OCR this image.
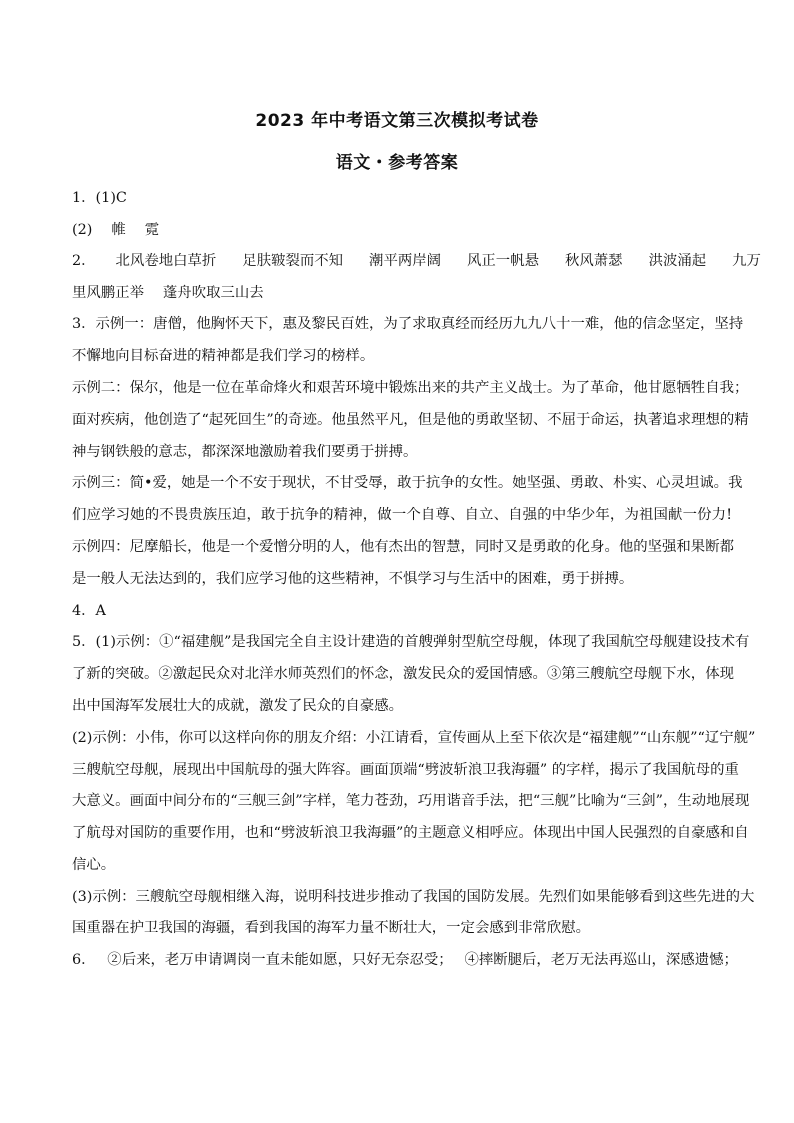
2023 年中考语文第三次模拟考试卷
语文・参考答案
1．(1)C
(2)　 帷　 霓
2． 北风卷地白草折 足肤皲裂而不知 潮平两岸阔 风正一帆悬 秋风萧瑟 洪波涌起 九万
里风鹏正举　 蓬舟吹取三山去
3．示例一：唐僧，他胸怀天下，惠及黎民百姓，为了求取真经而经历九九八十一难，他的信念坚定，坚持
不懈地向目标奋进的精神都是我们学习的榜样。
示例二：保尔，他是一位在革命烽火和艰苦环境中锻炼出来的共产主义战士。为了革命，他甘愿牺牲自我；
面对疾病，他创造了“起死回生”的奇迹。他虽然平凡，但是他的勇敢坚韧、不屈于命运，执著追求理想的精
神与钢铁般的意志，都深深地激励着我们要勇于拼搏。
示例三：简•爱，她是一个不安于现状，不甘受辱，敢于抗争的女性。她坚强、勇敢、朴实、心灵坦诚。我
们应学习她的不畏贵族压迫，敢于抗争的精神，做一个自尊、自立、自强的中华少年，为祖国献一份力!
示例四：尼摩船长，他是一个爱憎分明的人，他有杰出的智慧，同时又是勇敢的化身。他的坚强和果断都
是一般人无法达到的，我们应学习他的这些精神，不惧学习与生活中的困难，勇于拼搏。
4．A
5．(1)示例：①“福建舰”是我国完全自主设计建造的首艘弹射型航空母舰，体现了我国航空母舰建设技术有
了新的突破。②激起民众对北洋水师英烈们的怀念，激发民众的爱国情感。③第三艘航空母舰下水，体现
出中国海军发展壮大的成就，激发了民众的自豪感。
(2)示例：小伟，你可以这样向你的朋友介绍：小江请看，宣传画从上至下依次是“福建舰”“山东舰”“辽宁舰”
三艘航空母舰，展现出中国航母的强大阵容。画面顶端“劈波斩浪卫我海疆” 的字样，揭示了我国航母的重
大意义。画面中间分布的“三舰三剑”字样，笔力苍劲，巧用谐音手法，把“三舰”比喻为“三剑”，生动地展现
了航母对国防的重要作用，也和“劈波斩浪卫我海疆”的主题意义相呼应。体现出中国人民强烈的自豪感和自
信心。
(3)示例：三艘航空母舰相继入海，说明科技进步推动了我国的国防发展。先烈们如果能够看到这些先进的大
国重器在护卫我国的海疆，看到我国的海军力量不断壮大，一定会感到非常欣慰。
6．　 ②后来，老万申请调岗一直未能如愿，只好无奈忍受；　 ④摔断腿后，老万无法再巡山，深感遗憾；
